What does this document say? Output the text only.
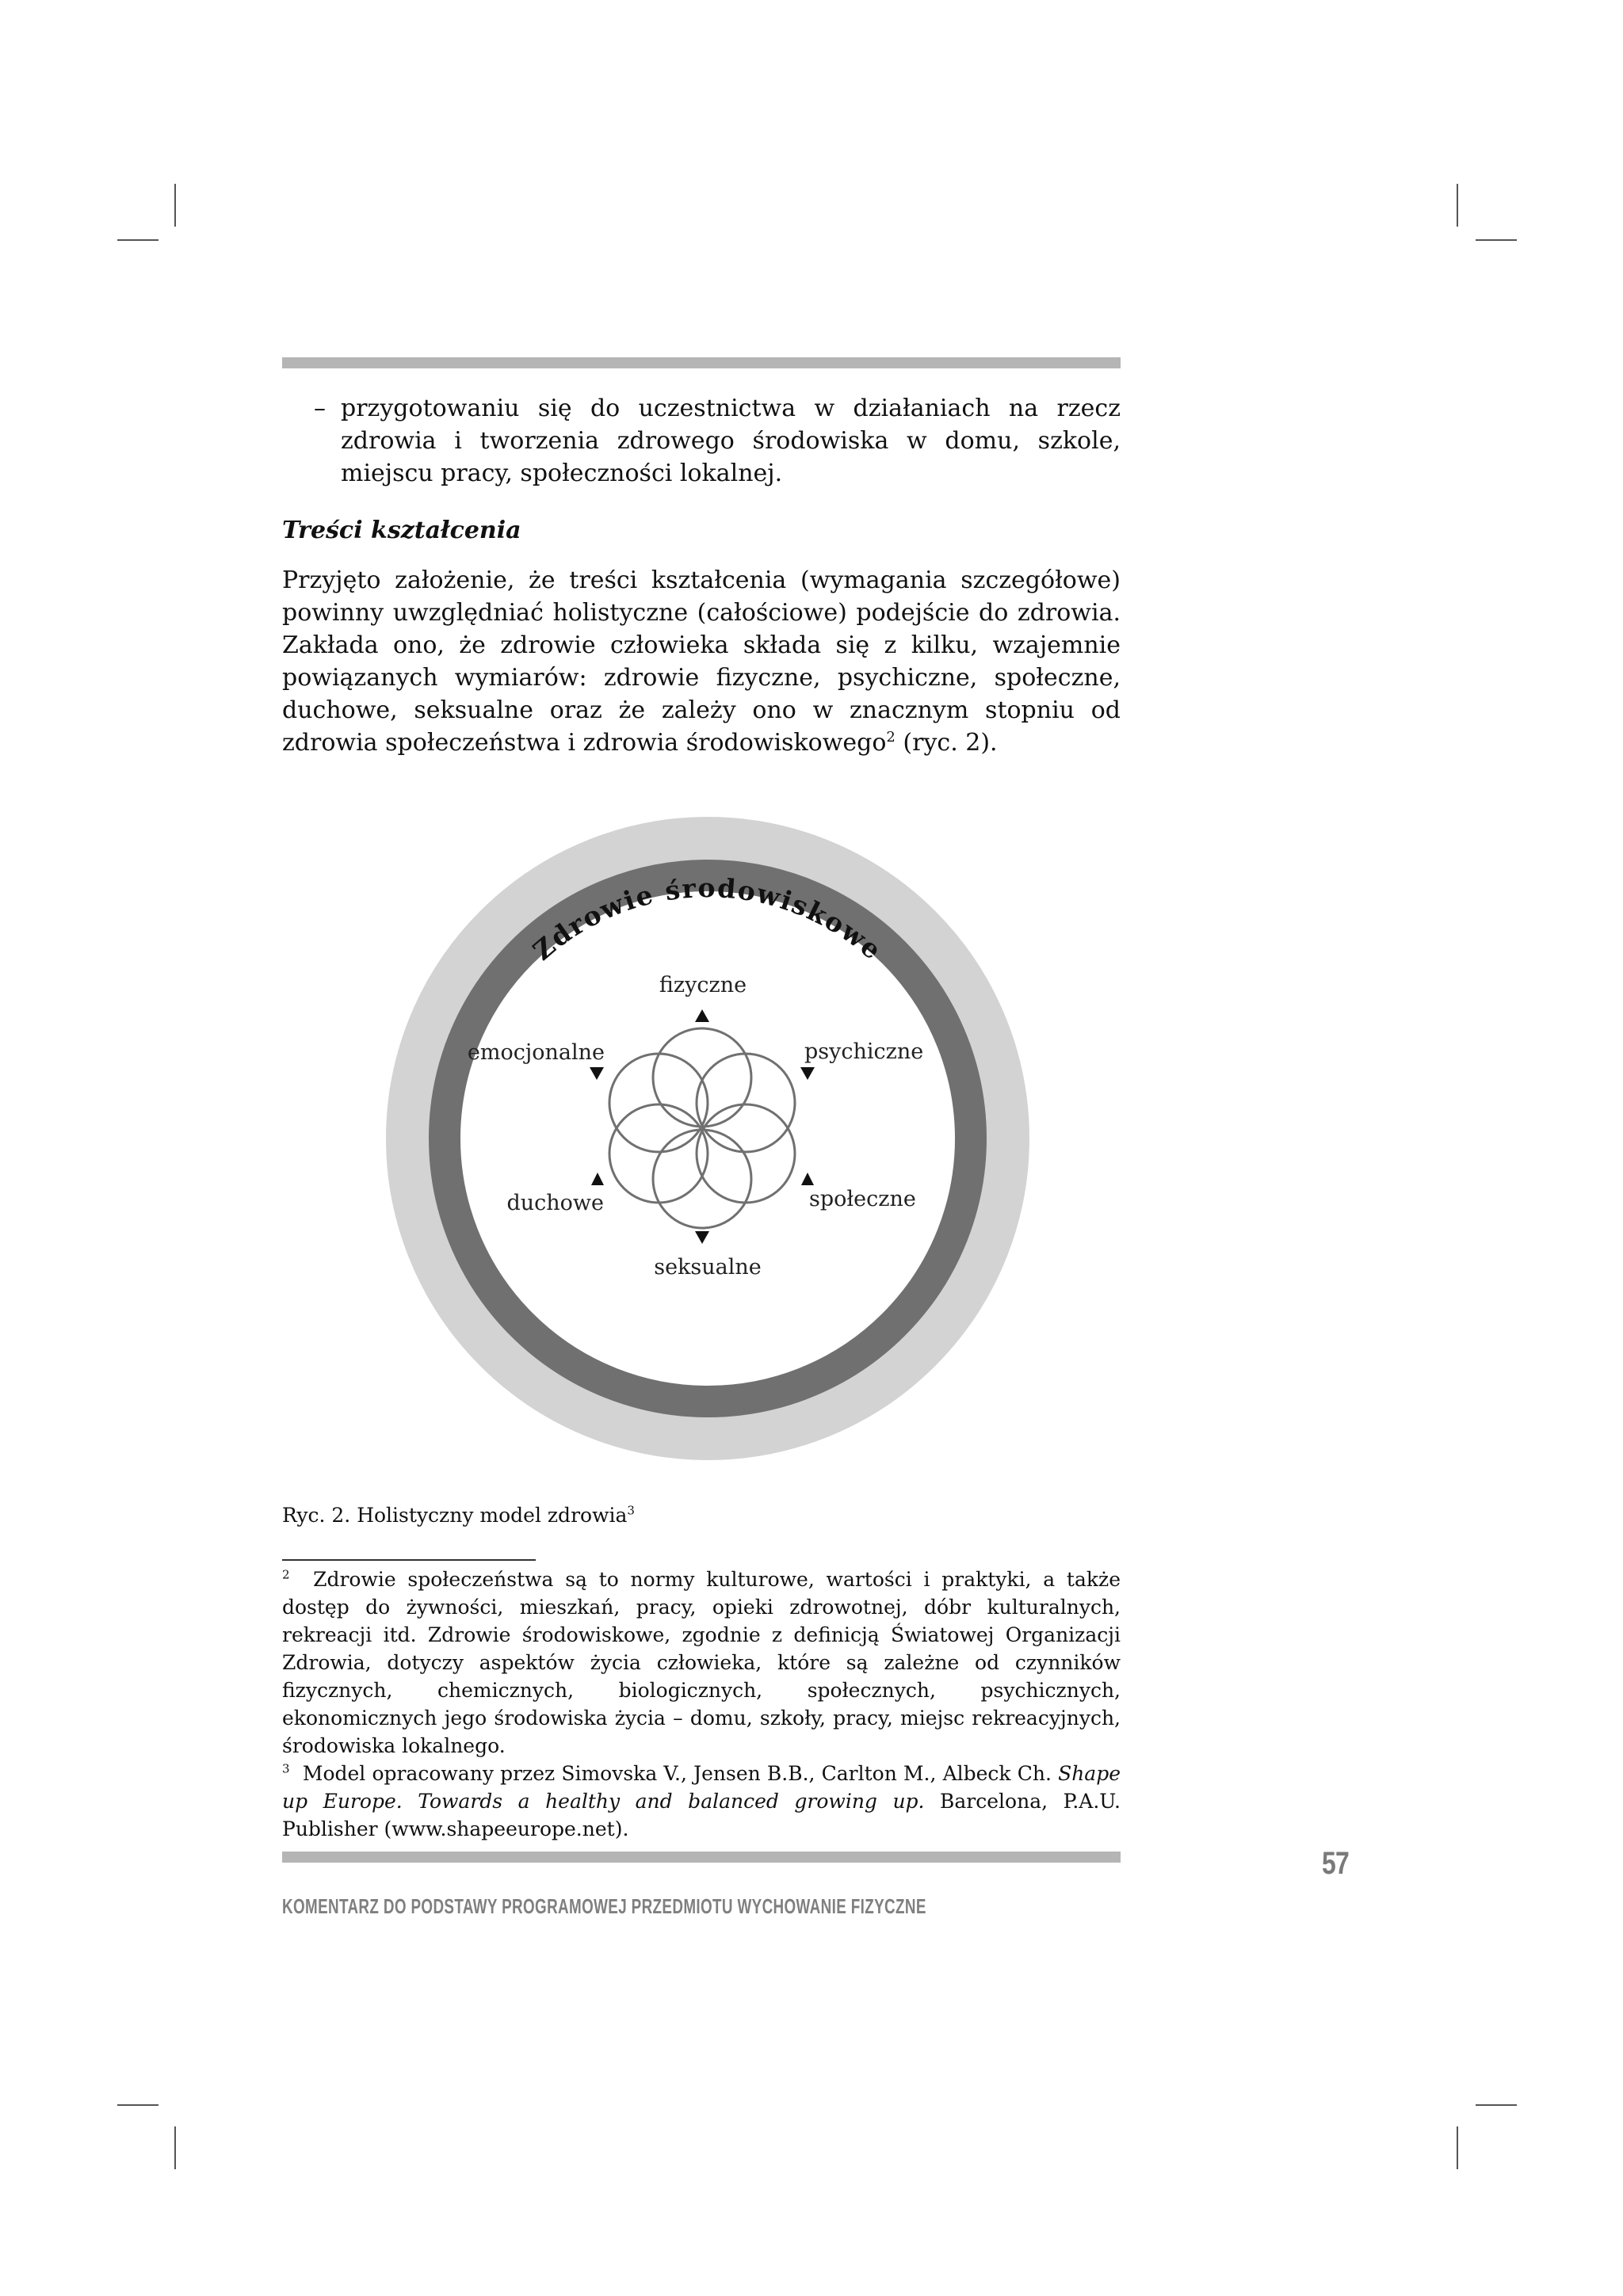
– przygotowaniu się do uczestnictwa w działaniach na rzecz zdrowia i tworzenia zdrowego środowiska w domu, szkole, miejscu pracy, społeczności lokalnej.
Treści kształcenia
Przyjęto założenie, że treści kształcenia (wymagania szczegółowe) powinny uwzględniać holistyczne (całościowe) podejście do zdrowia. Zakłada ono, że zdrowie człowieka składa się z kilku, wzajemnie powiązanych wymiarów: zdrowie fizyczne, psychiczne, społeczne, duchowe, seksualne oraz że zależy ono w znacznym stopniu od zdrowia społeczeństwa i zdrowia środowiskowego$^2$ (ryc. 2).
Zdrowie środowiskowe
Zdrowie społeczeństwa
fizyczne
psychiczne
społeczne
seksualne
duchowe
emocjonalne
Ryc. 2. Holistyczny model zdrowia$^3$

$^2$ Zdrowie społeczeństwa są to normy kulturowe, wartości i praktyki, a także dostęp do żywności, mieszkań, pracy, opieki zdrowotnej, dóbr kulturalnych, rekreacji itd. Zdrowie środowiskowe, zgodnie z definicją Światowej Organizacji Zdrowia, dotyczy aspektów życia człowieka, które są zależne od czynników fizycznych, chemicznych, biologicznych, społecznych, psychicznych, ekonomicznych jego środowiska życia – domu, szkoły, pracy, miejsc rekreacyjnych, środowiska lokalnego.

$^3$ Model opracowany przez Simovska V., Jensen B.B., Carlton M., Albeck Ch. Shape up Europe. Towards a healthy and balanced growing up. Barcelona, P.A.U. Publisher (www.shapeeurope.net).

57
KOMENTARZ DO PODSTAWY PROGRAMOWEJ PRZEDMIOTU WYCHOWANIE FIZYCZNE
